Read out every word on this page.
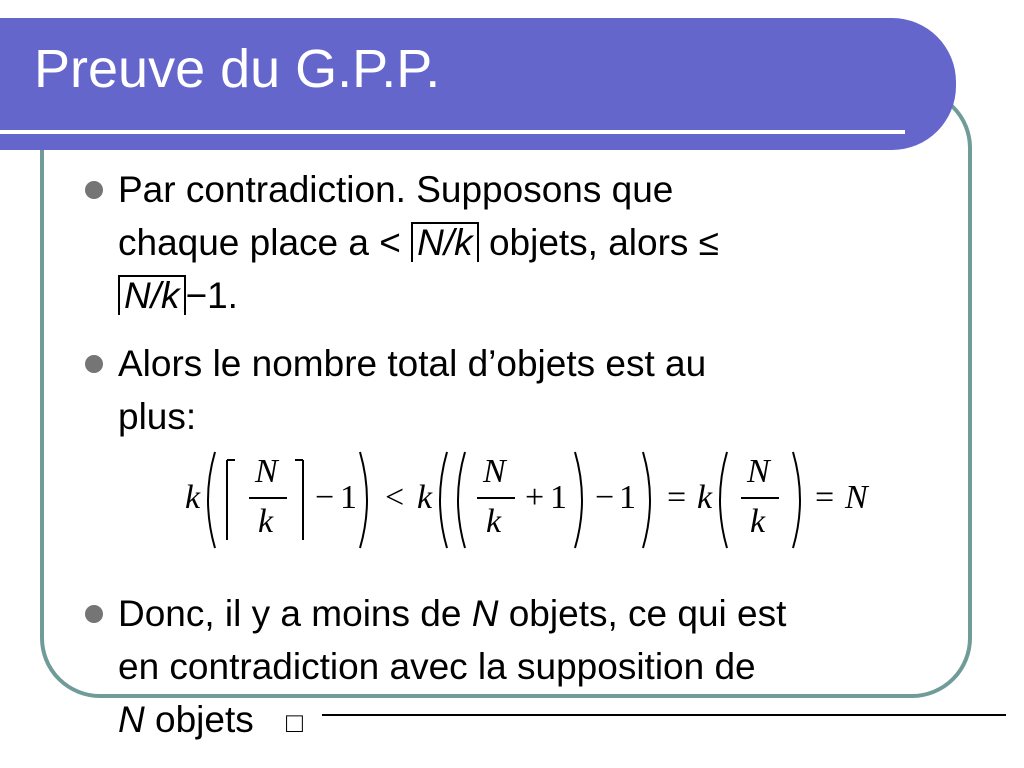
Preuve du G.P.P.
Par contradiction. Supposons que
chaque place a < N/k objets, alors ≤
N/k −1.
Alors le nombre total d’objets est au
plus:
k
N
k
− 1 < k
N
k
+ 1 − 1 = k
N
k
= N
Donc, il y a moins de N objets, ce qui est
en contradiction avec la supposition de
N objets □
